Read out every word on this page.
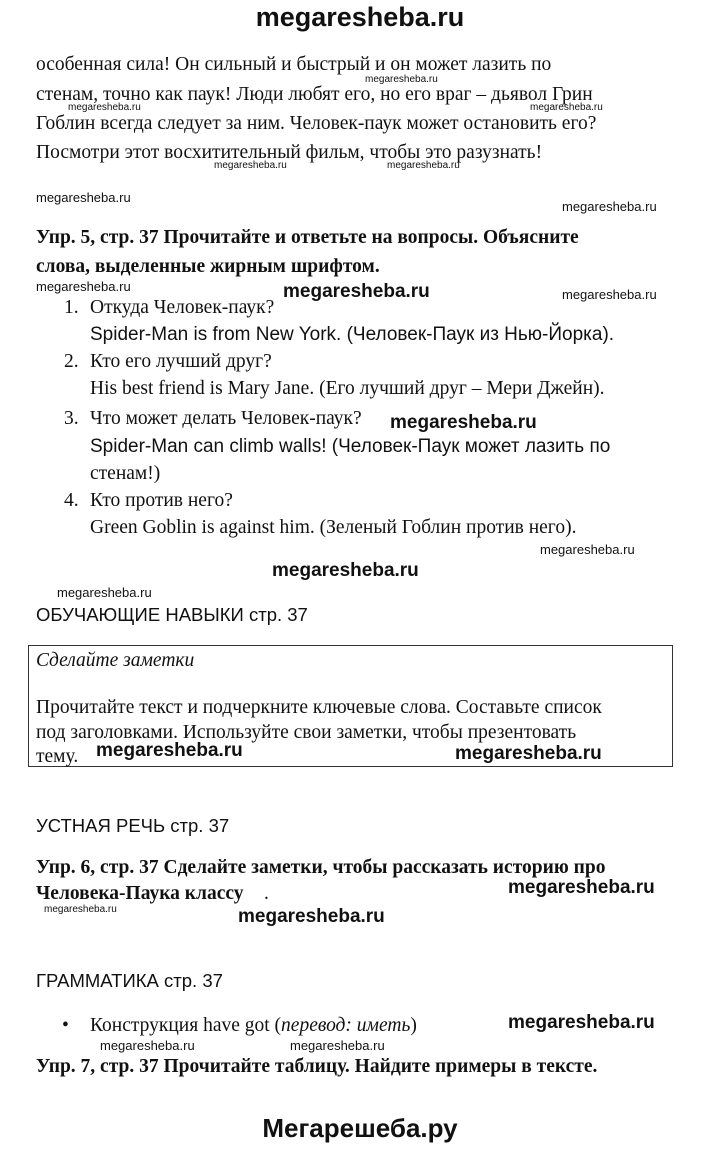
megaresheba.ru
особенная сила! Он сильный и быстрый и он может лазить по
стенам, точно как паук! Люди любят его, но его враг – дьявол Грин
Гоблин всегда следует за ним. Человек-паук может остановить его?
Посмотри этот восхитительный фильм, чтобы это разузнать!
megaresheba.ru
megaresheba.ru	megaresheba.ru
megaresheba.ru	megaresheba.ru
megaresheba.ru
megaresheba.ru
Упр. 5, стр. 37 Прочитайте и ответьте на вопросы. Объясните
слова, выделенные жирным шрифтом.
megaresheba.ru	megaresheba.ru	megaresheba.ru
1. Откуда Человек-паук?
Spider-Man is from New York. (Человек-Паук из Нью-Йорка).
2. Кто его лучший друг?
His best friend is Mary Jane. (Его лучший друг – Мери Джейн).
3. Что может делать Человек-паук? megaresheba.ru
Spider-Man can climb walls! (Человек-Паук может лазить по
стенам!)
4. Кто против него?
Green Goblin is against him. (Зеленый Гоблин против него).
megaresheba.ru
megaresheba.ru
megaresheba.ru
ОБУЧАЮЩИЕ НАВЫКИ стр. 37
Сделайте заметки
Прочитайте текст и подчеркните ключевые слова. Составьте список
под заголовками. Используйте свои заметки, чтобы презентовать
тему. megaresheba.ru	megaresheba.ru
УСТНАЯ РЕЧЬ стр. 37
Упр. 6, стр. 37 Сделайте заметки, чтобы рассказать историю про
Человека-Паука классу .	megaresheba.ru
megaresheba.ru	megaresheba.ru
ГРАММАТИКА стр. 37
• Конструкция have got (перевод: иметь)	megaresheba.ru
megaresheba.ru	megaresheba.ru
Упр. 7, стр. 37 Прочитайте таблицу. Найдите примеры в тексте.
Мегарешеба.ру
